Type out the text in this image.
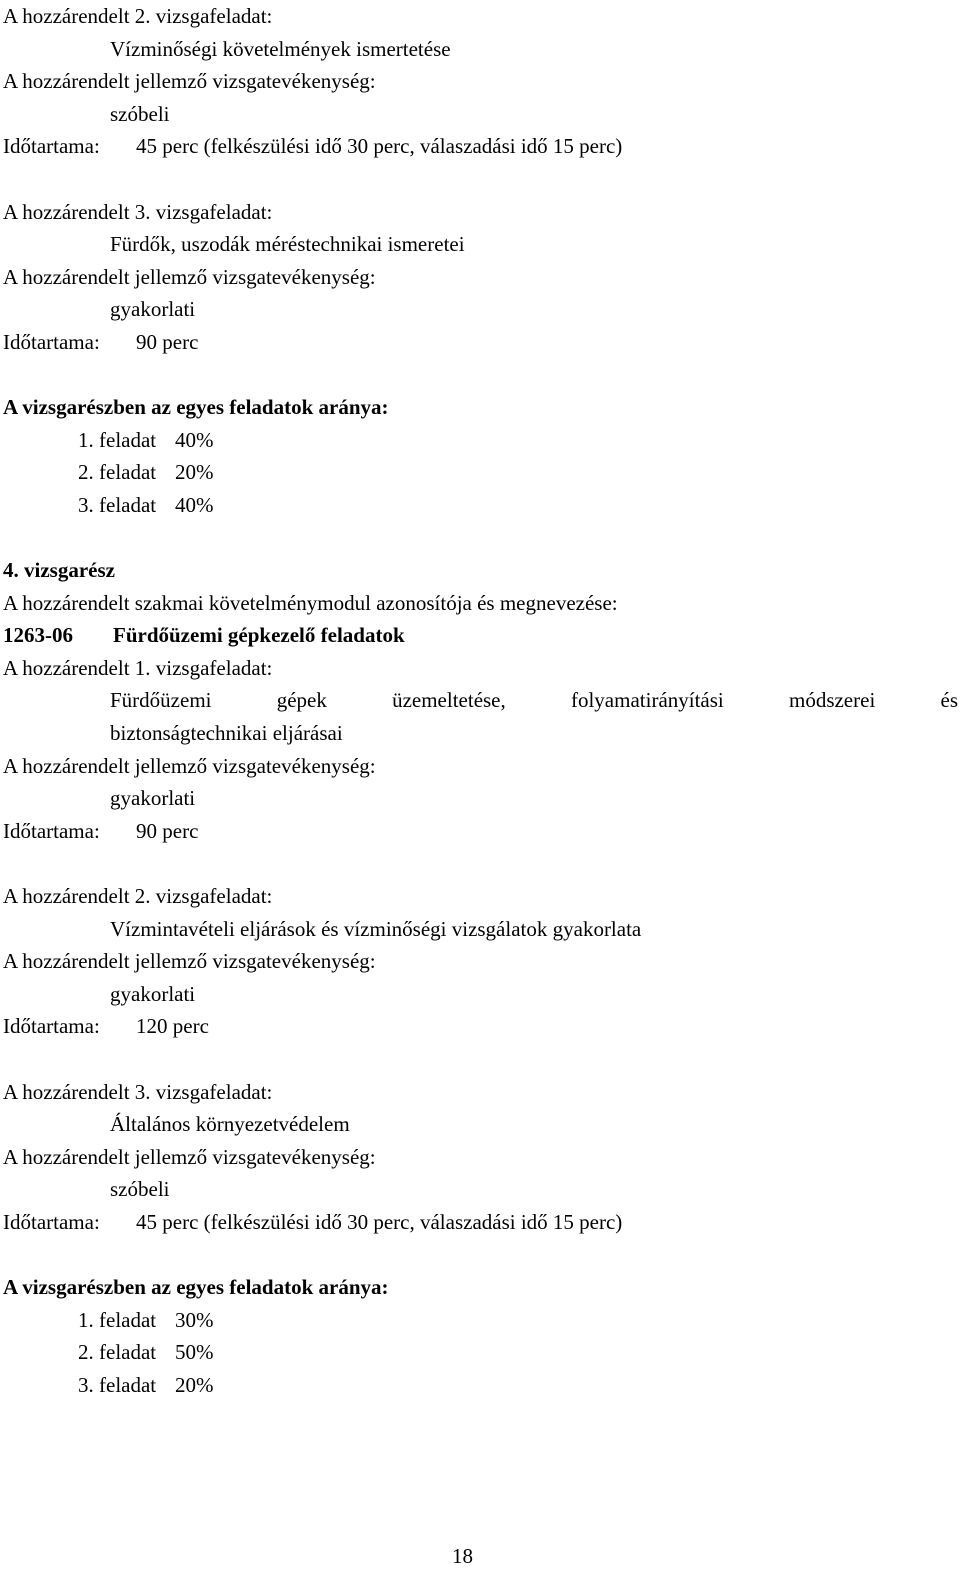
A hozzárendelt 2. vizsgafeladat:
Vízminőségi követelmények ismertetése
A hozzárendelt jellemző vizsgatevékenység:
szóbeli
Időtartama: 45 perc (felkészülési idő 30 perc, válaszadási idő 15 perc)
A hozzárendelt 3. vizsgafeladat:
Fürdők, uszodák méréstechnikai ismeretei
A hozzárendelt jellemző vizsgatevékenység:
gyakorlati
Időtartama: 90 perc
A vizsgarészben az egyes feladatok aránya:
1. feladat 40%
2. feladat 20%
3. feladat 40%
4. vizsgarész
A hozzárendelt szakmai követelménymodul azonosítója és megnevezése:
1263-06 Fürdőüzemi gépkezelő feladatok
A hozzárendelt 1. vizsgafeladat:
Fürdőüzemi gépek üzemeltetése, folyamatirányítási módszerei és
biztonságtechnikai eljárásai
A hozzárendelt jellemző vizsgatevékenység:
gyakorlati
Időtartama: 90 perc
A hozzárendelt 2. vizsgafeladat:
Vízmintavételi eljárások és vízminőségi vizsgálatok gyakorlata
A hozzárendelt jellemző vizsgatevékenység:
gyakorlati
Időtartama: 120 perc
A hozzárendelt 3. vizsgafeladat:
Általános környezetvédelem
A hozzárendelt jellemző vizsgatevékenység:
szóbeli
Időtartama: 45 perc (felkészülési idő 30 perc, válaszadási idő 15 perc)
A vizsgarészben az egyes feladatok aránya:
1. feladat 30%
2. feladat 50%
3. feladat 20%
18
